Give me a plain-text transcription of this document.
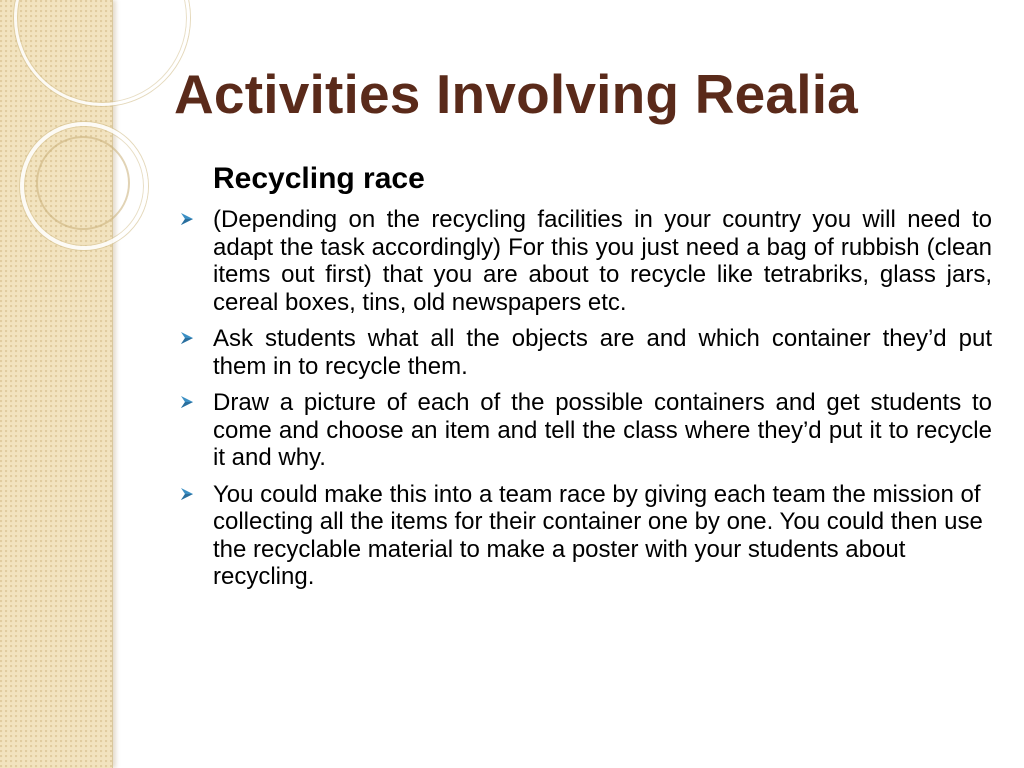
Activities Involving Realia
Recycling race
(Depending on the recycling facilities in your country you will need to adapt the task accordingly) For this you just need a bag of rubbish (clean items out first) that you are about to recycle like tetrabriks, glass jars, cereal boxes, tins, old newspapers etc.
Ask students what all the objects are and which container they’d put them in to recycle them.
Draw a picture of each of the possible containers and get students to come and choose an item and tell the class where they’d put it to recycle it and why.
You could make this into a team race by giving each team the mission of collecting all the items for their container one by one. You could then use the recyclable material to make a poster with your students about recycling.
